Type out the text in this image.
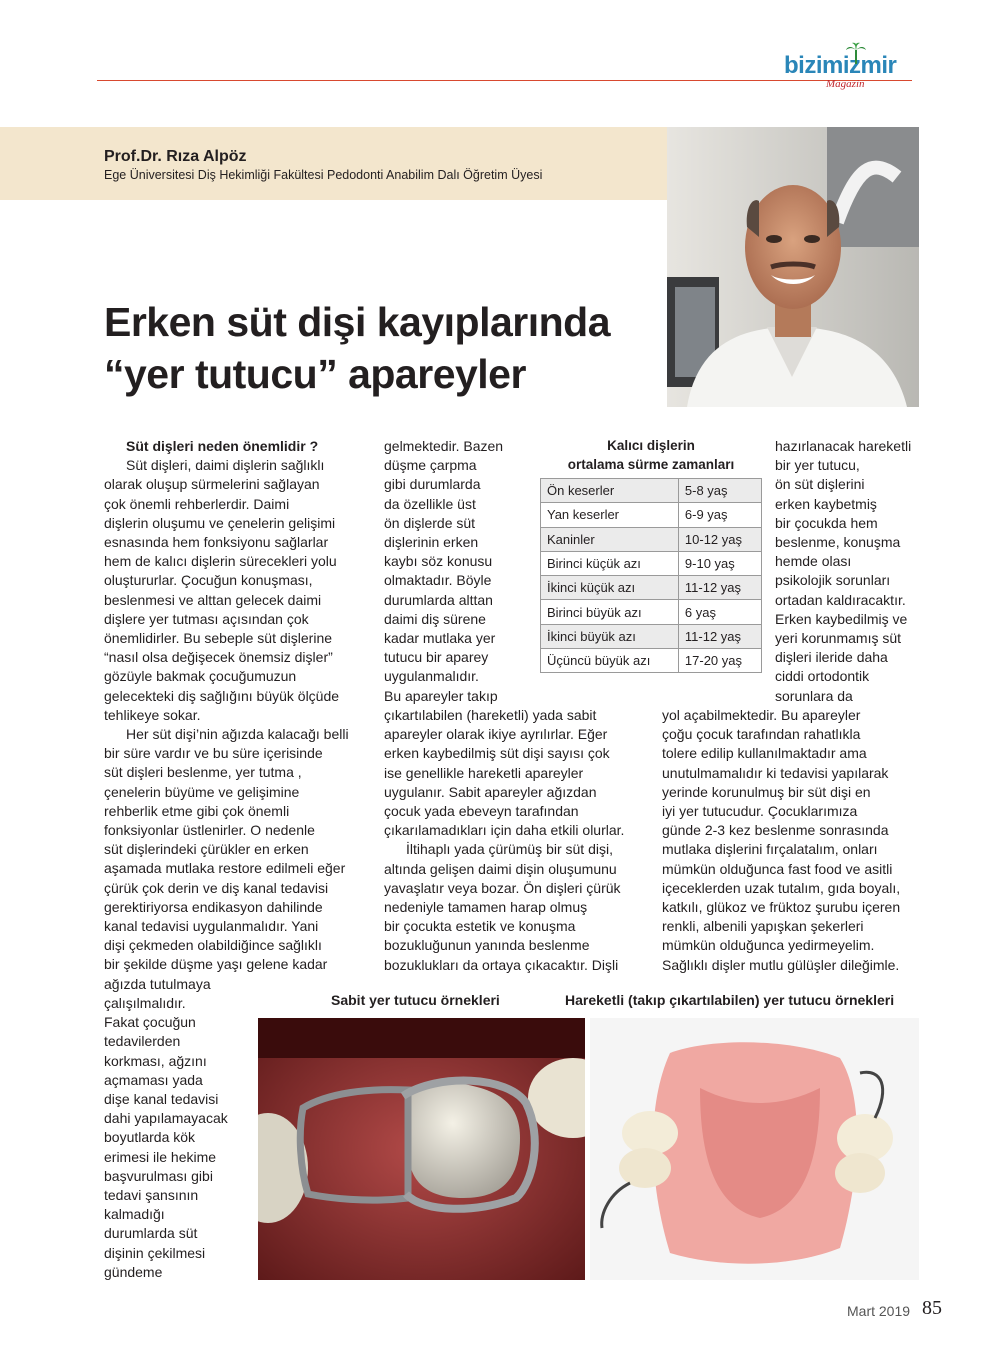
bizimizmir
Magazin
Prof.Dr. Rıza Alpöz
Ege Üniversitesi Diş Hekimliği Fakültesi Pedodonti Anabilim Dalı Öğretim Üyesi
Erken süt dişi kayıplarında
“yer tutucu” apareyler

Süt dişleri neden önemlidir ?

Süt dişleri, daimi dişlerin sağlıklı

olarak oluşup sürmelerini sağlayan

çok önemli rehberlerdir. Daimi

dişlerin oluşumu ve çenelerin gelişimi

esnasında hem fonksiyonu sağlarlar

hem de kalıcı dişlerin sürecekleri yolu

oluştururlar. Çocuğun konuşması,

beslenmesi ve alttan gelecek daimi

dişlere yer tutması açısından çok

önemlidirler. Bu sebeple süt dişlerine

“nasıl olsa değişecek önemsiz dişler”

gözüyle bakmak çocuğumuzun

gelecekteki diş sağlığını büyük ölçüde

tehlikeye sokar.

Her süt dişi’nin ağızda kalacağı belli

bir süre vardır ve bu süre içerisinde

süt dişleri beslenme, yer tutma ,

çenelerin büyüme ve gelişimine

rehberlik etme gibi çok önemli

fonksiyonlar üstlenirler. O nedenle

süt dişlerindeki çürükler en erken

aşamada mutlaka restore edilmeli eğer

çürük çok derin ve diş kanal tedavisi

gerektiriyorsa endikasyon dahilinde

kanal tedavisi uygulanmalıdır. Yani

dişi çekmeden olabildiğince sağlıklı

bir şekilde düşme yaşı gelene kadar

ağızda tutulmaya

çalışılmalıdır.

Fakat çocuğun

tedavilerden

korkması, ağzını

açmaması yada

dişe kanal tedavisi

dahi yapılamayacak

boyutlarda kök

erimesi ile hekime

başvurulması gibi

tedavi şansının

kalmadığı

durumlarda süt

dişinin çekilmesi

gündeme

gelmektedir. Bazen

düşme çarpma

gibi durumlarda

da özellikle üst

ön dişlerde süt

dişlerinin erken

kaybı söz konusu

olmaktadır. Böyle

durumlarda alttan

daimi diş sürene

kadar mutlaka yer

tutucu bir aparey

uygulanmalıdır.

Bu apareyler takıp

çıkartılabilen (hareketli) yada sabit

apareyler olarak ikiye ayrılırlar. Eğer

erken kaybedilmiş süt dişi sayısı çok

ise genellikle hareketli apareyler

uygulanır. Sabit apareyler ağızdan

çocuk yada ebeveyn tarafından

çıkarılamadıkları için daha etkili olurlar.

İltihaplı yada çürümüş bir süt dişi,

altında gelişen daimi dişin oluşumunu

yavaşlatır veya bozar. Ön dişleri çürük

nedeniyle tamamen harap olmuş

bir çocukta estetik ve konuşma

bozukluğunun yanında beslenme

bozuklukları da ortaya çıkacaktır. Dişli

Kalıcı dişlerin
ortalama sürme zamanları
Ön keserler	5-8 yaş
Yan keserler	6-9 yaş
Kaninler	10-12 yaş
Birinci küçük azı	9-10 yaş
İkinci küçük azı	11-12 yaş
Birinci büyük azı	6 yaş
İkinci büyük azı	11-12 yaş
Üçüncü büyük azı	17-20 yaş

hazırlanacak hareketli

bir yer tutucu,

ön süt dişlerini

erken kaybetmiş

bir çocukda hem

beslenme, konuşma

hemde olası

psikolojik sorunları

ortadan kaldıracaktır.

Erken kaybedilmiş ve

yeri korunmamış süt

dişleri ileride daha

ciddi ortodontik

sorunlara da

yol açabilmektedir. Bu apareyler

çoğu çocuk tarafından rahatlıkla

tolere edilip kullanılmaktadır ama

unutulmamalıdır ki tedavisi yapılarak

yerinde korunulmuş bir süt dişi en

iyi yer tutucudur. Çocuklarımıza

günde 2-3 kez beslenme sonrasında

mutlaka dişlerini fırçalatalım, onları

mümkün olduğunca fast food ve asitli

içeceklerden uzak tutalım, gıda boyalı,

katkılı, glükoz ve früktoz şurubu içeren

renkli, albenili yapışkan şekerleri

mümkün olduğunca yedirmeyelim.

Sağlıklı dişler mutlu gülüşler dileğimle.

Sabit yer tutucu örnekleri	Hareketli (takıp çıkartılabilen) yer tutucu örnekleri
Mart 2019 85
